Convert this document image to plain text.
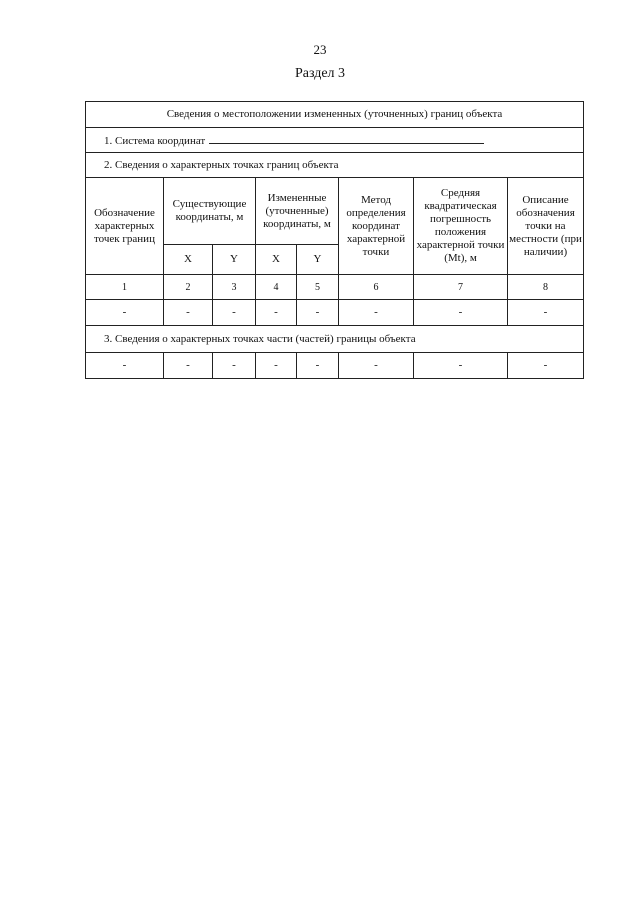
23
Раздел 3
Сведения о местоположении измененных (уточненных) границ объекта							
1. Система координат							
2. Сведения о характерных точках границ объекта							
Обозначение характерных точек границ	Существующие координаты, м		Измененные (уточненные) координаты, м		Метод определения координат характерной точки	Средняя квадратическая погрешность положения характерной точки (Mt), м	Описание обозначения точки на местности (при наличии)
	X	Y	X	Y			
1	2	3	4	5	6	7	8
-	-	-	-	-	-	-	-
3. Сведения о характерных точках части (частей) границы объекта							
-	-	-	-	-	-	-	-
